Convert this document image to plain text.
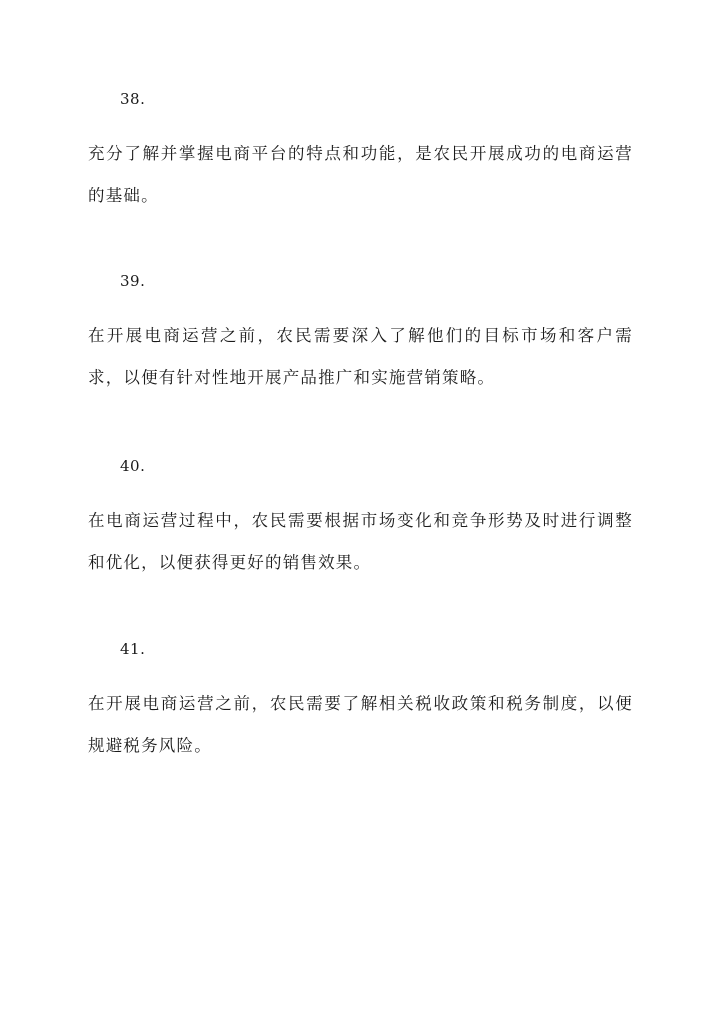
38.
充分了解并掌握电商平台的特点和功能，是农民开展成功的电商运营的基础。
39.
在开展电商运营之前，农民需要深入了解他们的目标市场和客户需求，以便有针对性地开展产品推广和实施营销策略。
40.
在电商运营过程中，农民需要根据市场变化和竞争形势及时进行调整和优化，以便获得更好的销售效果。
41.
在开展电商运营之前，农民需要了解相关税收政策和税务制度，以便规避税务风险。
